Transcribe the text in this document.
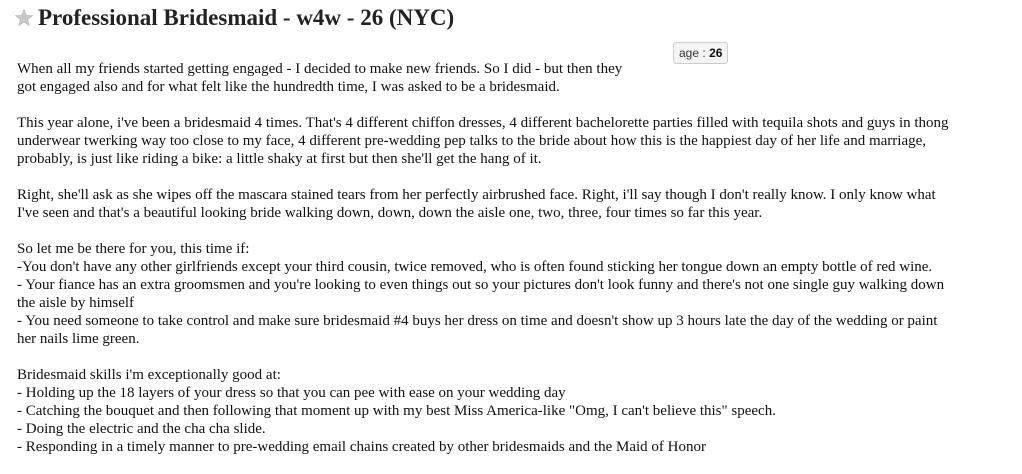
Professional Bridesmaid - w4w - 26 (NYC)
age : 26

When all my friends started getting engaged - I decided to make new friends. So I did - but then they
got engaged also and for what felt like the hundredth time, I was asked to be a bridesmaid.

This year alone, i've been a bridesmaid 4 times. That's 4 different chiffon dresses, 4 different bachelorette parties filled with tequila shots and guys in thong
underwear twerking way too close to my face, 4 different pre-wedding pep talks to the bride about how this is the happiest day of her life and marriage,
probably, is just like riding a bike: a little shaky at first but then she'll get the hang of it.

Right, she'll ask as she wipes off the mascara stained tears from her perfectly airbrushed face. Right, i'll say though I don't really know. I only know what
I've seen and that's a beautiful looking bride walking down, down, down the aisle one, two, three, four times so far this year.

So let me be there for you, this time if:
-You don't have any other girlfriends except your third cousin, twice removed, who is often found sticking her tongue down an empty bottle of red wine.
- Your fiance has an extra groomsmen and you're looking to even things out so your pictures don't look funny and there's not one single guy walking down
the aisle by himself
- You need someone to take control and make sure bridesmaid #4 buys her dress on time and doesn't show up 3 hours late the day of the wedding or paint
her nails lime green.

Bridesmaid skills i'm exceptionally good at:
- Holding up the 18 layers of your dress so that you can pee with ease on your wedding day
- Catching the bouquet and then following that moment up with my best Miss America-like "Omg, I can't believe this" speech.
- Doing the electric and the cha cha slide.
- Responding in a timely manner to pre-wedding email chains created by other bridesmaids and the Maid of Honor
